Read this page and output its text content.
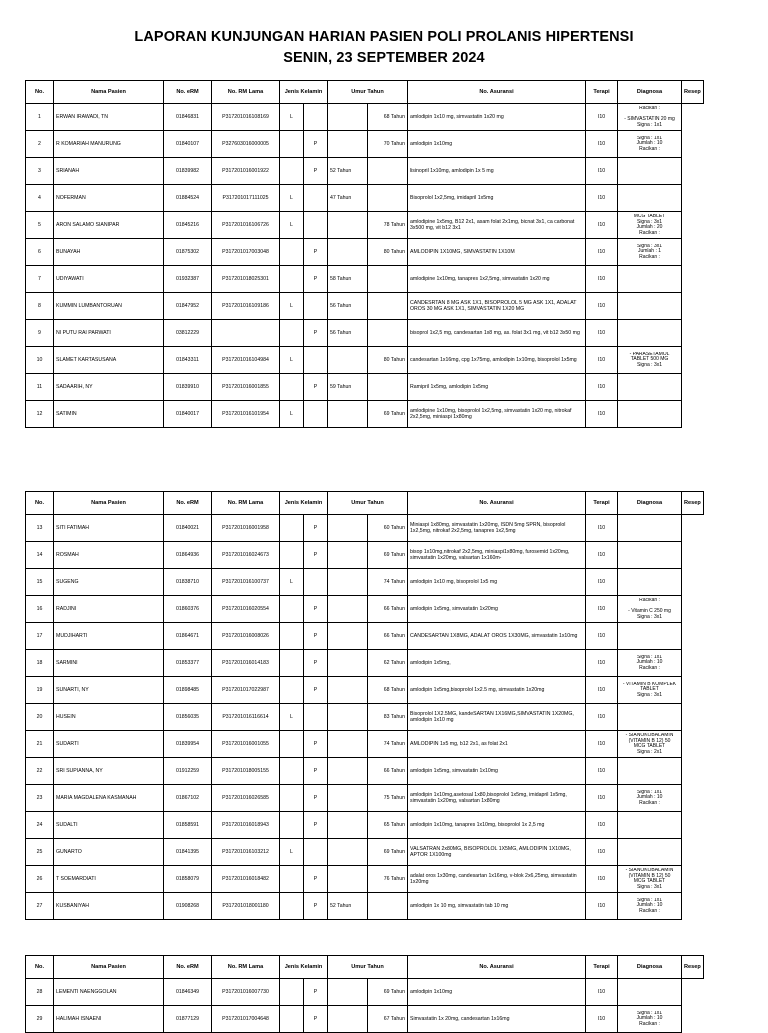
LAPORAN KUNJUNGAN HARIAN PASIEN POLI PROLANIS HIPERTENSI
SENIN, 23 SEPTEMBER 2024
No.	Nama Pasien	No. eRM	No. RM Lama	Jenis Kelamin		Umur Tahun		No. Asuransi	Terapi	Diagnosa	Resep

1	ERWAN IRAWADI, TN	01846831	P317201016108169	L			68 Tahun	amlodipin 1x10 mg, simvastatin 1x20 mg	I10	Racikan :

- SIMVASTATIN 20 mg
Signa : 1x1	

2	R KOMARIAH MANURUNG	01840107	P327603016000005		P		70 Tahun	amlodipin 1x10mg	I10	Signa : 1x1
Jumlah : 10
Racikan :	

3	SRIANAH	01839982	P317201016001922		P	52 Tahun		lisinopril 1x10mg, amlodipin 1x 5 mg	I10		

4	NOFERMAN	01884524	P317201017111025	L		47 Tahun		Bisoprolol 1x2,5mg, imidapril 1x5mg	I10		

5	ARON SALAMO SIANIPAR	01845216	P317201016106726	L			78 Tahun	amlodipine 1x5mg, B12 2x1, asam folat 2x1mg, bicnat 3x1, ca carbonat 3x500 mg, vit b12 3x1	I10	MCG TABLET
Signa : 3x1
Jumlah : 20
Racikan :	

6	BUNAYAH	01875302	P317201017003048		P		80 Tahun	AMLODIPIN 1X10MG, SIMVASTATIN 1X10M	I10	Signa : 3x1
Jumlah : 1
Racikan :	

7	UDIYAWATI	01932387	P317201018025301		P	58 Tahun		amlodipine 1x10mg, tanapres 1x2,5mg, simvastatin 1x20 mg	I10		

8	KUMMIN LUMBANTORUAN	01847952	P317201016109186	L		56 Tahun		CANDESRTAN 8 MG ASK 1X1, BISOPROLOL 5 MG ASK 1X1, ADALAT OROS 30 MG ASK 1X1, SIMVASTATIN 1X20 MG	I10		

9	NI PUTU RAI PARWATI	03812229			P	56 Tahun		bisoprol 1x2,5 mg, candesartan 1x8 mg, as. folat 3x1 mg, vit b12 3x50 mg	I10		

10	SLAMET KARTASUSANA	01843311	P317201016104984	L			80 Tahun	candesartan 1x16mg, cpg 1x75mg, amlodipin 1x10mg, bisoprolol 1x5mg	I10	- PARASETAMOL
TABLET 500 MG
Signa : 3x1	

11	SADAARIH, NY	01839910	P317201016001855		P	59 Tahun		Ramipril 1x5mg, amlodipin 1x5mg	I10		

12	SATIMIN	01840017	P317201016101954	L			69 Tahun	amlodipine 1x10mg, bisoprolol 1x2,5mg, simvastatin 1x20 mg, nitrokaf 2x2,5mg, miniaspi 1x80mg	I10		

No.	Nama Pasien	No. eRM	No. RM Lama	Jenis Kelamin		Umur Tahun		No. Asuransi	Terapi	Diagnosa	Resep

13	SITI FATIMAH	01840021	P317201016001958		P		60 Tahun	Miniaspi 1x80mg, simvastatin 1x20mg, ISDN 5mg SPRN, bisoprolol 1x2,5mg, nitrokaf 2x2,5mg, tanapres 1x2,5mg	I10		

14	ROSMAH	01864936	P317201016024673		P		69 Tahun	bisop 1x10mg,nitrokaf 2x2,5mg, miniaspi1x80mg, furosemid 1x20mg, simvastatin 1x20mg, valsartan 1x160m-	I10		

15	SUGENG	01838710	P317201016100737	L			74 Tahun	amlodipin 1x10 mg, bisoprolol 1x5 mg	I10		

16	RADJINI	01860376	P317201016020554		P		66 Tahun	amlodipin 1x5mg, simvastatin 1x20mg	I10	Racikan :

- Vitamin C 250 mg
Signa : 3x1	

17	MUDJIHARTI	01864671	P317201016008026		P		66 Tahun	CANDESARTAN 1X8MG, ADALAT OROS 1X30MG, simvastatin 1x10mg	I10		

18	SARMINI	01853377	P317201016014183		P		62 Tahun	amlodipin 1x5mg,	I10	Signa : 1x1
Jumlah : 10
Racikan :	

19	SUNARTI, NY	01898485	P317201017022987		P		68 Tahun	amlodipin 1x5mg,bisoprolol 1x2.5 mg, simvastatin 1x20mg	I10	- VITAMIN B KOMPLEK
TABLET
Signa : 3x1	

20	HUSEIN	01856035	P317201016116614	L			83 Tahun	Bisoprolol 1X2.5MG, kandeSARTAN 1X16MG,SIMVASTATIN 1X20MG, amlodipin 1x10 mg	I10		

21	SUDARTI	01839954	P317201016001055		P		74 Tahun	AMLODIPIN 1x5 mg, b12 2x1, as folat 2x1	I10	- SIANOKOBALAMIN
(VITAMIN B 12) 50
MCG TABLET
Signa : 2x1	

22	SRI SUPIANNA, NY	01912259	P317201018005155		P		66 Tahun	amlodipin 1x5mg, simvastatin 1x10mg	I10		

23	MARIA MAGDALENA KASMANAH	01867102	P317201016026585		P		75 Tahun	amlodipin 1x10mg,asetosal 1x80,bisoprolol 1x5mg, imidapril 1x5mg, simvastatin 1x20mg, valsartan 1x80mg	I10	Signa : 1x1
Jumlah : 10
Racikan :	

24	SUDALTI	01858591	P317201016018943		P		65 Tahun	amlodipin 1x10mg, tanapres 1x10mg, bisoprolol 1x 2,5 mg	I10		

25	GUNARTO	01841395	P317201016103212	L			69 Tahun	VALSATRAN 2x80MG, BISOPROLOL 1X5MG, AMLODIPIN 1X10MG, APTOR 1X100mg	I10		

26	T SOEMARDIATI	01858079	P317201016018482		P		76 Tahun	adalat oros 1x30mg, candesartan 1x16mg, v-blok 2x6,25mg, simvastatin 1x20mg	I10	- SIANOKOBALAMIN
(VITAMIN B 12) 50
MCG TABLET
Signa : 3x1	

27	KUSBANIYAH	01908268	P317201018001180		P	52 Tahun		amlodipin 1x 10 mg, simvastatin tab 10 mg	I10	Signa : 1x1
Jumlah : 10
Racikan :	
No.	Nama Pasien	No. eRM	No. RM Lama	Jenis Kelamin		Umur Tahun		No. Asuransi	Terapi	Diagnosa	Resep

28	LEMENTI NAENGGOLAN	01846349	P317201016007730		P		69 Tahun	amlodipin 1x10mg	I10		

29	HALIMAH ISNAENI	01877129	P317201017004648		P		67 Tahun	Simvastatin 1x 20mg, candesartan 1x16mg	I10	Signa : 1x1
Jumlah : 10
Racikan :	
